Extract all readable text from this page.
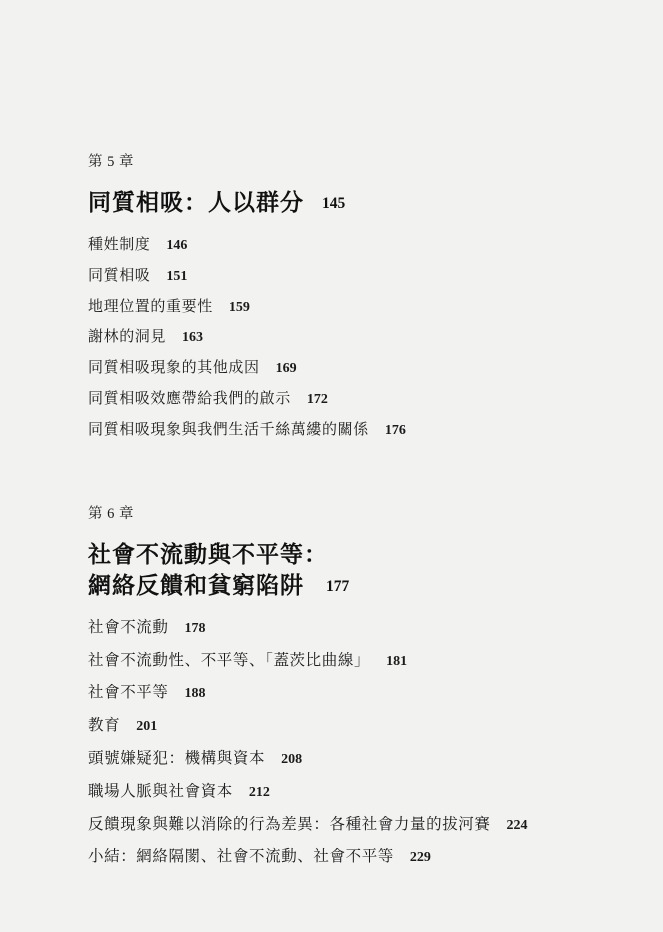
第 5 章
同質相吸：人以群分 145
種姓制度 146
同質相吸 151
地理位置的重要性 159
謝林的洞見 163
同質相吸現象的其他成因 169
同質相吸效應帶給我們的啟示 172
同質相吸現象與我們生活千絲萬縷的關係 176
第 6 章
社會不流動與不平等：
網絡反饋和貧窮陷阱 177
社會不流動 178
社會不流動性、不平等、「蓋茨比曲線」 181
社會不平等 188
教育 201
頭號嫌疑犯：機構與資本 208
職場人脈與社會資本 212
反饋現象與難以消除的行為差異：各種社會力量的拔河賽 224
小結：網絡隔閡、社會不流動、社會不平等 229
